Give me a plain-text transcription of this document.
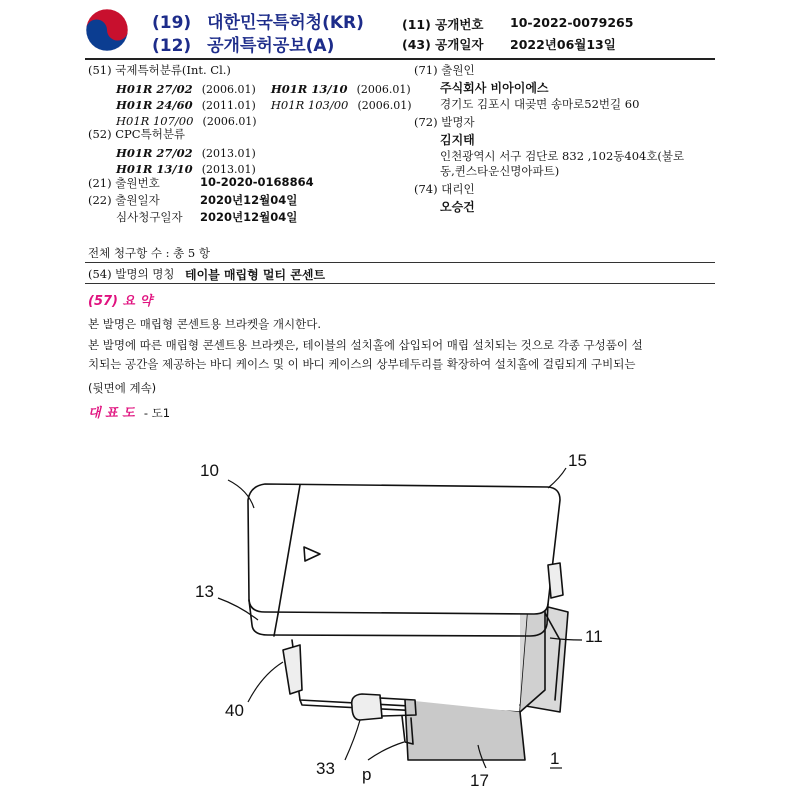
(19) 대한민국특허청(KR)
(12) 공개특허공보(A)
(11) 공개번호 10-2022-0079265
(43) 공개일자 2022년06월13일
(51) 국제특허분류(Int. Cl.)
H01R 27/02 (2006.01) H01R 13/10 (2006.01)
H01R 24/60 (2011.01) H01R 103/00 (2006.01)
H01R 107/00 (2006.01)
(52) CPC특허분류
H01R 27/02 (2013.01)
H01R 13/10 (2013.01)
(21) 출원번호	10-2020-0168864
(22) 출원일자	2020년12월04일
심사청구일자 2020년12월04일
(71) 출원인
주식회사 비아이에스
경기도 김포시 대곶면 송마로52번길 60
(72) 발명자
김지태
인천광역시 서구 검단로 832 ,102동404호(불로
동,퀸스타운신명아파트)
(74) 대리인
오승건
전체 청구항 수 : 총 5 항
(54) 발명의 명칭 테이블 매립형 멀티 콘센트
(57) 요 약
본 발명은 매립형 콘센트용 브라켓을 개시한다.
본 발명에 따른 매립형 콘센트용 브라켓은, 테이블의 설치홀에 삽입되어 매립 설치되는 것으로 각종 구성품이 설
치되는 공간을 제공하는 바디 케이스 및 이 바디 케이스의 상부테두리를 확장하여 설치홀에 걸림되게 구비되는
(뒷면에 계속)
대 표 도 - 도1
10
15
13
11
40
33 p	17
1
